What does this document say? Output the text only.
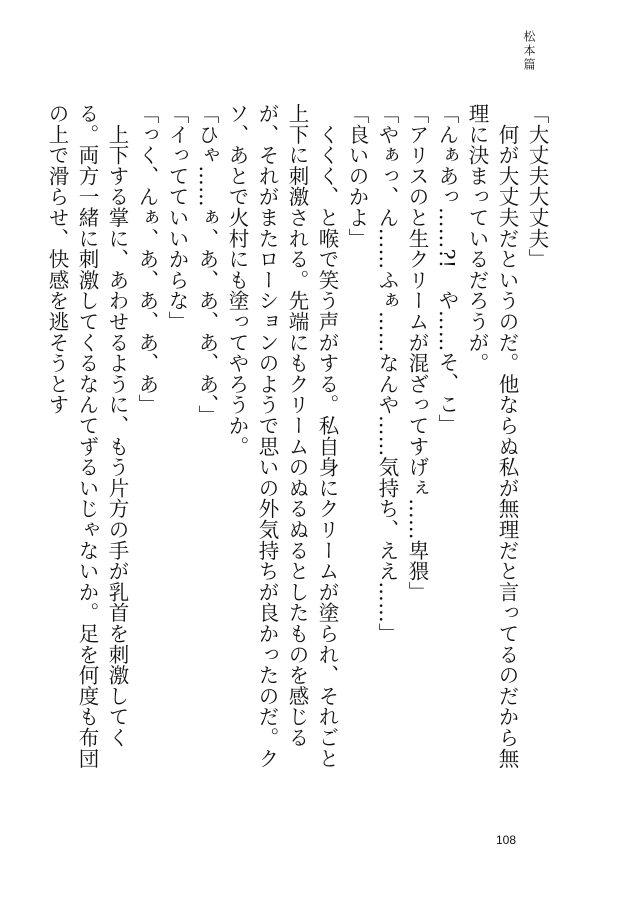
松本篇

「大丈夫大丈夫」

　何が大丈夫だというのだ。他ならぬ私が無理だと言ってるのだから無理に決まっているだろうが。

「んぁあっ……?!　や……そ、こ」

「アリスのと生クリームが混ざってすげぇ……卑猥」

「やぁっ、ん……ふぁ……なんや……気持ち、ええ……」

「良いのかよ」

　くくく、と喉で笑う声がする。私自身にクリームが塗られ、それごと上下に刺激される。先端にもクリームのぬるぬるとしたものを感じるが、それがまたローションのようで思いの外気持ちが良かったのだ。クソ、あとで火村にも塗ってやろうか。

「ひゃ……ぁ、あ、あ、あ、あ、」

「イってていいからな」

「っく、んぁ、あ、あ、あ、あ」

　上下する掌に、あわせるように、もう片方の手が乳首を刺激してくる。両方一緒に刺激してくるなんてずるいじゃないか。足を何度も布団の上で滑らせ、快感を逃そうとす

108
